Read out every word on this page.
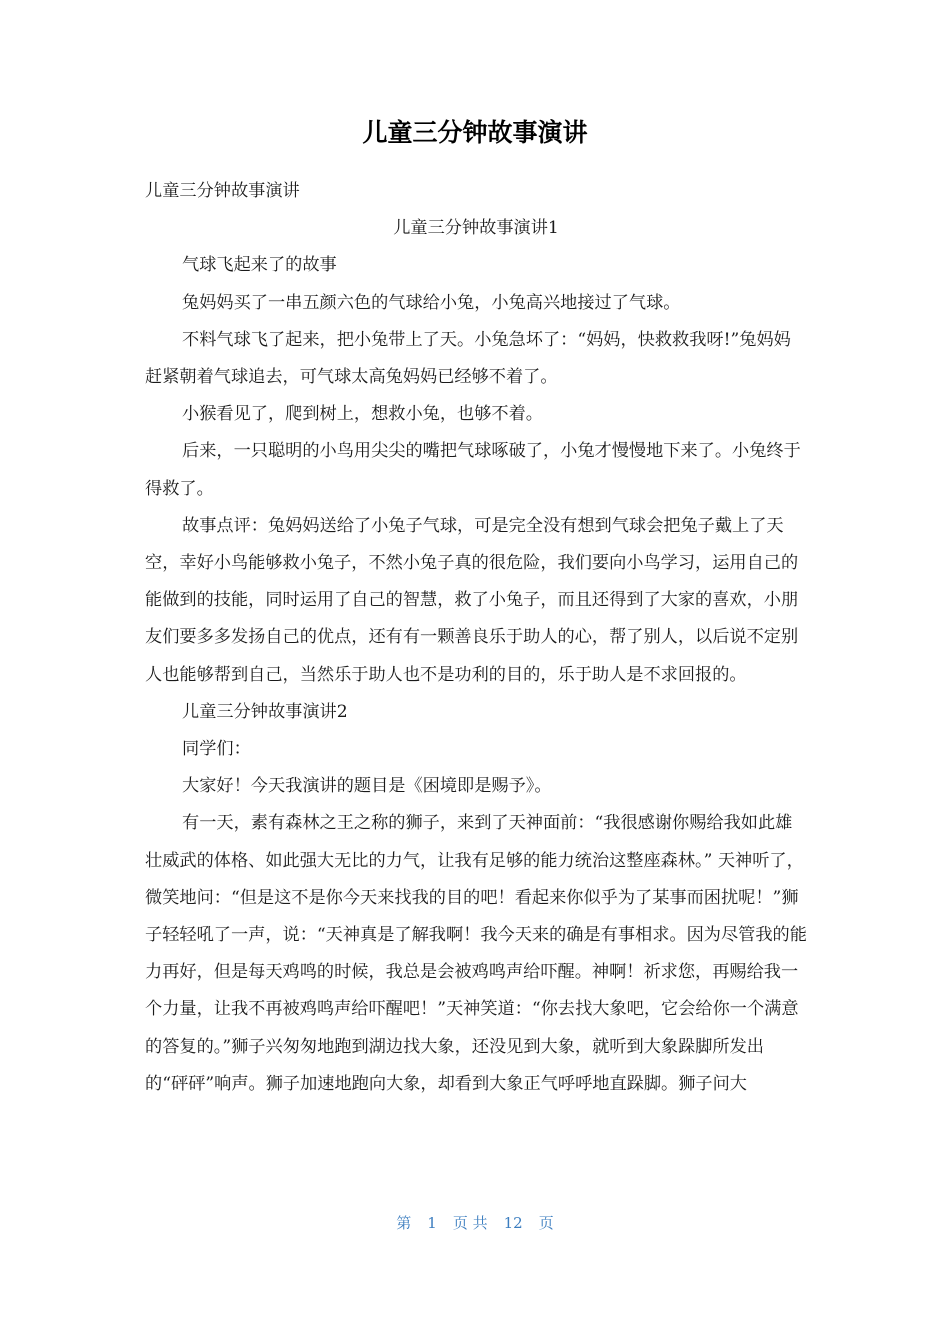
儿童三分钟故事演讲

儿童三分钟故事演讲

儿童三分钟故事演讲1

气球飞起来了的故事

兔妈妈买了一串五颜六色的气球给小兔，小兔高兴地接过了气球。

不料气球飞了起来，把小兔带上了天。小兔急坏了：“妈妈，快救救我呀!”兔妈妈赶紧朝着气球追去，可气球太高兔妈妈已经够不着了。

小猴看见了，爬到树上，想救小兔，也够不着。

后来，一只聪明的小鸟用尖尖的嘴把气球啄破了，小兔才慢慢地下来了。小兔终于得救了。

故事点评：兔妈妈送给了小兔子气球，可是完全没有想到气球会把兔子戴上了天空，幸好小鸟能够救小兔子，不然小兔子真的很危险，我们要向小鸟学习，运用自己的能做到的技能，同时运用了自己的智慧，救了小兔子，而且还得到了大家的喜欢，小朋友们要多多发扬自己的优点，还有有一颗善良乐于助人的心，帮了别人，以后说不定别人也能够帮到自己，当然乐于助人也不是功利的目的，乐于助人是不求回报的。

儿童三分钟故事演讲2

同学们：

大家好！今天我演讲的题目是《困境即是赐予》。

有一天，素有森林之王之称的狮子，来到了天神面前：“我很感谢你赐给我如此雄壮威武的体格、如此强大无比的力气，让我有足够的能力统治这整座森林。” 天神听了，微笑地问：“但是这不是你今天来找我的目的吧！看起来你似乎为了某事而困扰呢！”狮子轻轻吼了一声，说：“天神真是了解我啊！我今天来的确是有事相求。因为尽管我的能力再好，但是每天鸡鸣的时候，我总是会被鸡鸣声给吓醒。神啊！祈求您，再赐给我一个力量，让我不再被鸡鸣声给吓醒吧！”天神笑道：“你去找大象吧，它会给你一个满意的答复的。”狮子兴匆匆地跑到湖边找大象，还没见到大象，就听到大象跺脚所发出的“砰砰”响声。狮子加速地跑向大象，却看到大象正气呼呼地直跺脚。狮子问大

第 1 页 共 12 页
